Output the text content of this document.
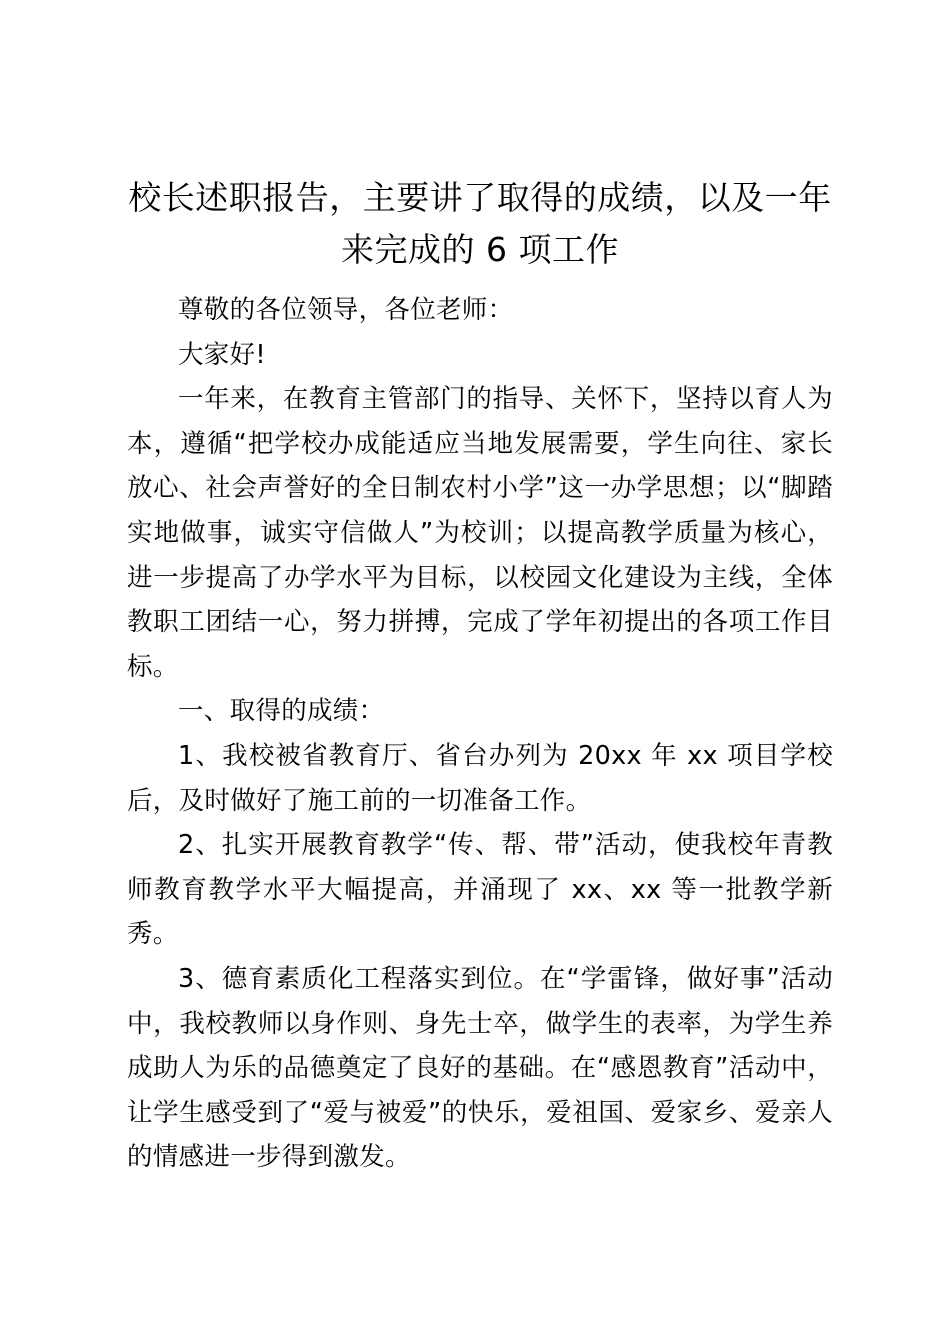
校长述职报告，主要讲了取得的成绩，以及一年来完成的 6 项工作

尊敬的各位领导，各位老师：

大家好!

一年来，在教育主管部门的指导、关怀下，坚持以育人为本，遵循“把学校办成能适应当地发展需要，学生向往、家长放心、社会声誉好的全日制农村小学”这一办学思想；以“脚踏实地做事，诚实守信做人”为校训；以提高教学质量为核心，进一步提高了办学水平为目标，以校园文化建设为主线，全体教职工团结一心，努力拼搏，完成了学年初提出的各项工作目标。

一、取得的成绩：

1、我校被省教育厅、省台办列为 20xx 年 xx 项目学校后，及时做好了施工前的一切准备工作。

2、扎实开展教育教学“传、帮、带”活动，使我校年青教师教育教学水平大幅提高，并涌现了 xx、xx 等一批教学新秀。

3、德育素质化工程落实到位。在“学雷锋，做好事”活动中，我校教师以身作则、身先士卒，做学生的表率，为学生养成助人为乐的品德奠定了良好的基础。在“感恩教育”活动中，让学生感受到了“爱与被爱”的快乐，爱祖国、爱家乡、爱亲人的情感进一步得到激发。
